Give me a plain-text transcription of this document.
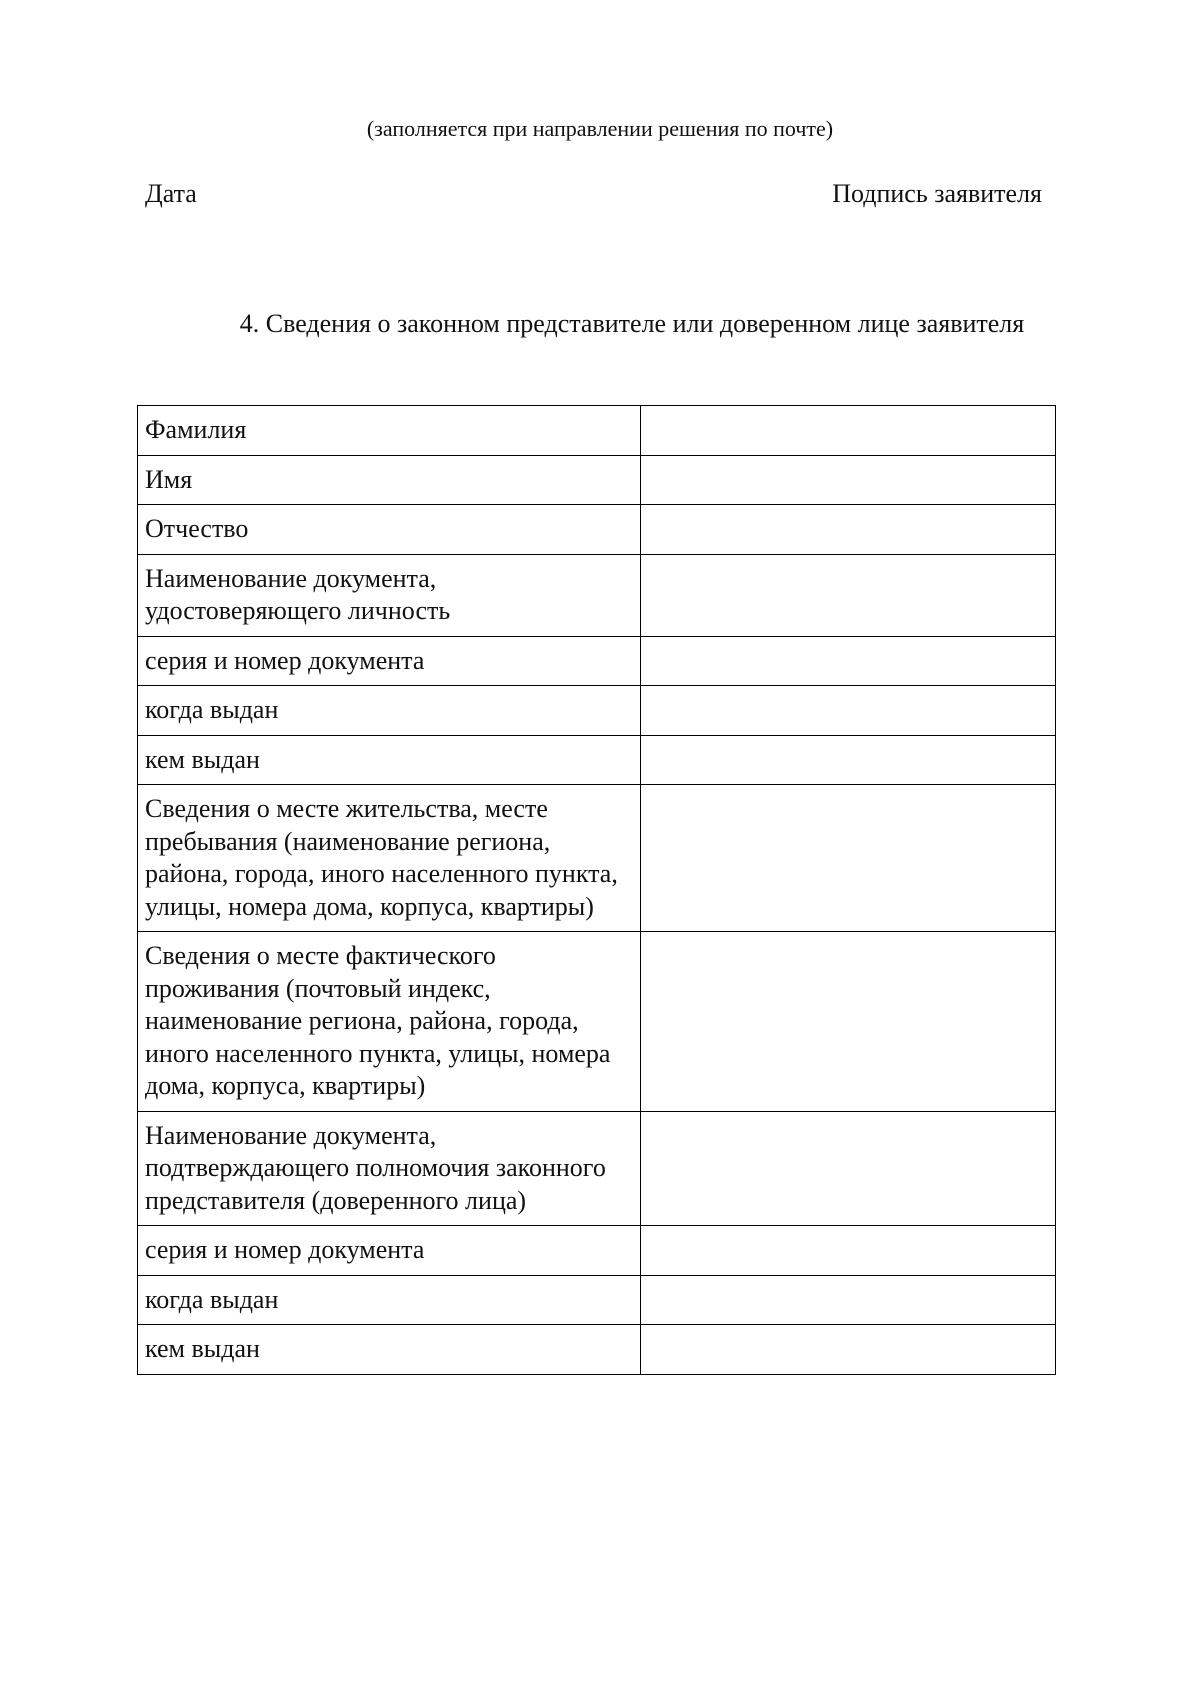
(заполняется при направлении решения по почте)
Дата	Подпись заявителя
4. Сведения о законном представителе или доверенном лице заявителя
Фамилия	
Имя	
Отчество	
Наименование документа, удостоверяющего личность	
серия и номер документа	
когда выдан	
кем выдан	
Сведения о месте жительства, месте пребывания (наименование региона, района, города, иного населенного пункта, улицы, номера дома, корпуса, квартиры)	
Сведения о месте фактического проживания (почтовый индекс, наименование региона, района, города, иного населенного пункта, улицы, номера дома, корпуса, квартиры)	
Наименование документа, подтверждающего полномочия законного представителя (доверенного лица)	
серия и номер документа	
когда выдан	
кем выдан	
